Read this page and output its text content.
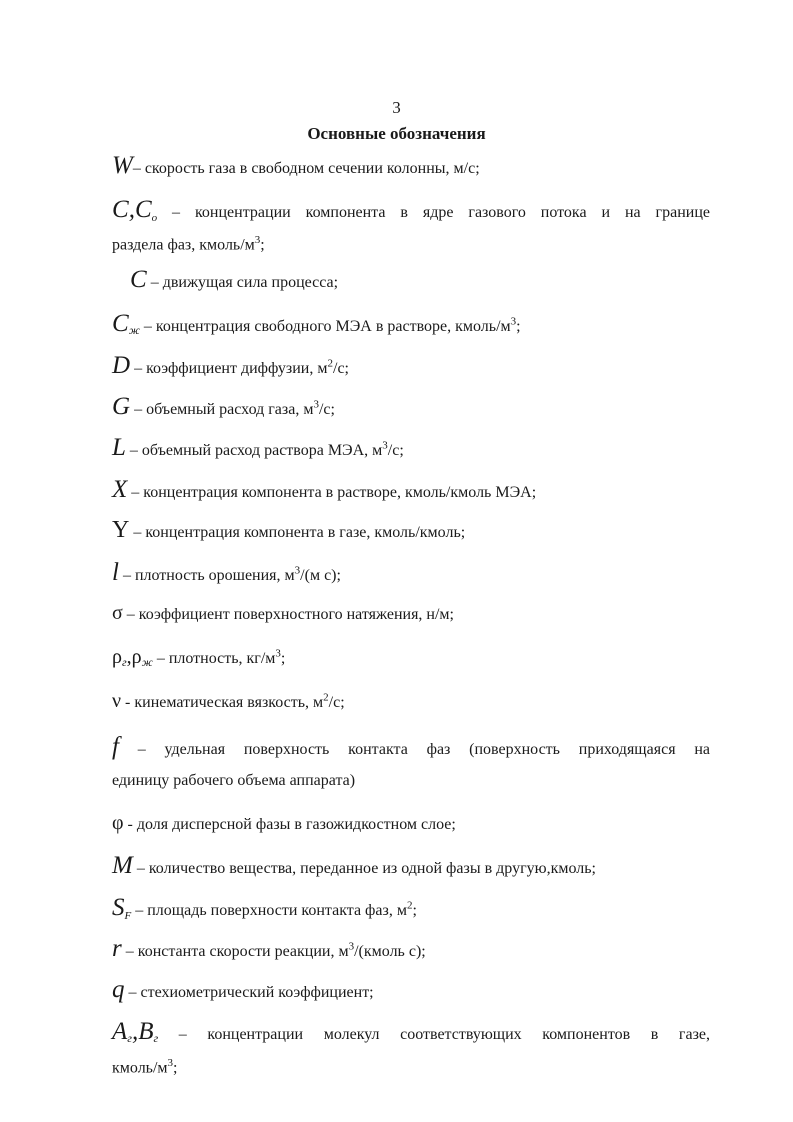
3
Основные обозначения
W– скорость газа в свободном сечении колонны, м/с;
$C,C_o$ – концентрации компонента в ядре газового потока и на границе
раздела фаз, кмоль/$м^3$;
C – движущая сила процесса;
Cж – концентрация свободного МЭА в растворе, кмоль/$м^3$;
D – коэффициент диффузии, $м^2/с$;
G – объемный расход газа, $м^3/с$;
L – объемный расход раствора МЭА, $м^3/с$;
X – концентрация компонента в растворе, кмоль/кмоль МЭА;
Y – концентрация компонента в газе, кмоль/кмоль;
l – плотность орошения, $м^3/(м$ с);
σ – коэффициент поверхностного натяжения, н/м;
ρг,ρж – плотность, $кг/м^3$;
ν - кинематическая вязкость, $м^2/с$;
f – удельная поверхность контакта фаз (поверхность приходящаяся на
единицу рабочего объема аппарата)
φ - доля дисперсной фазы в газожидкостном слое;
M – количество вещества, переданное из одной фазы в другую,кмоль;
$S_F$ – площадь поверхности контакта фаз, $м^2$;
r – константа скорости реакции, $м^3/(кмоль$ с);
q – стехиометрический коэффициент;
Aг,Bг – концентрации молекул соответствующих компонентов в газе,
кмоль/$м^3$;
